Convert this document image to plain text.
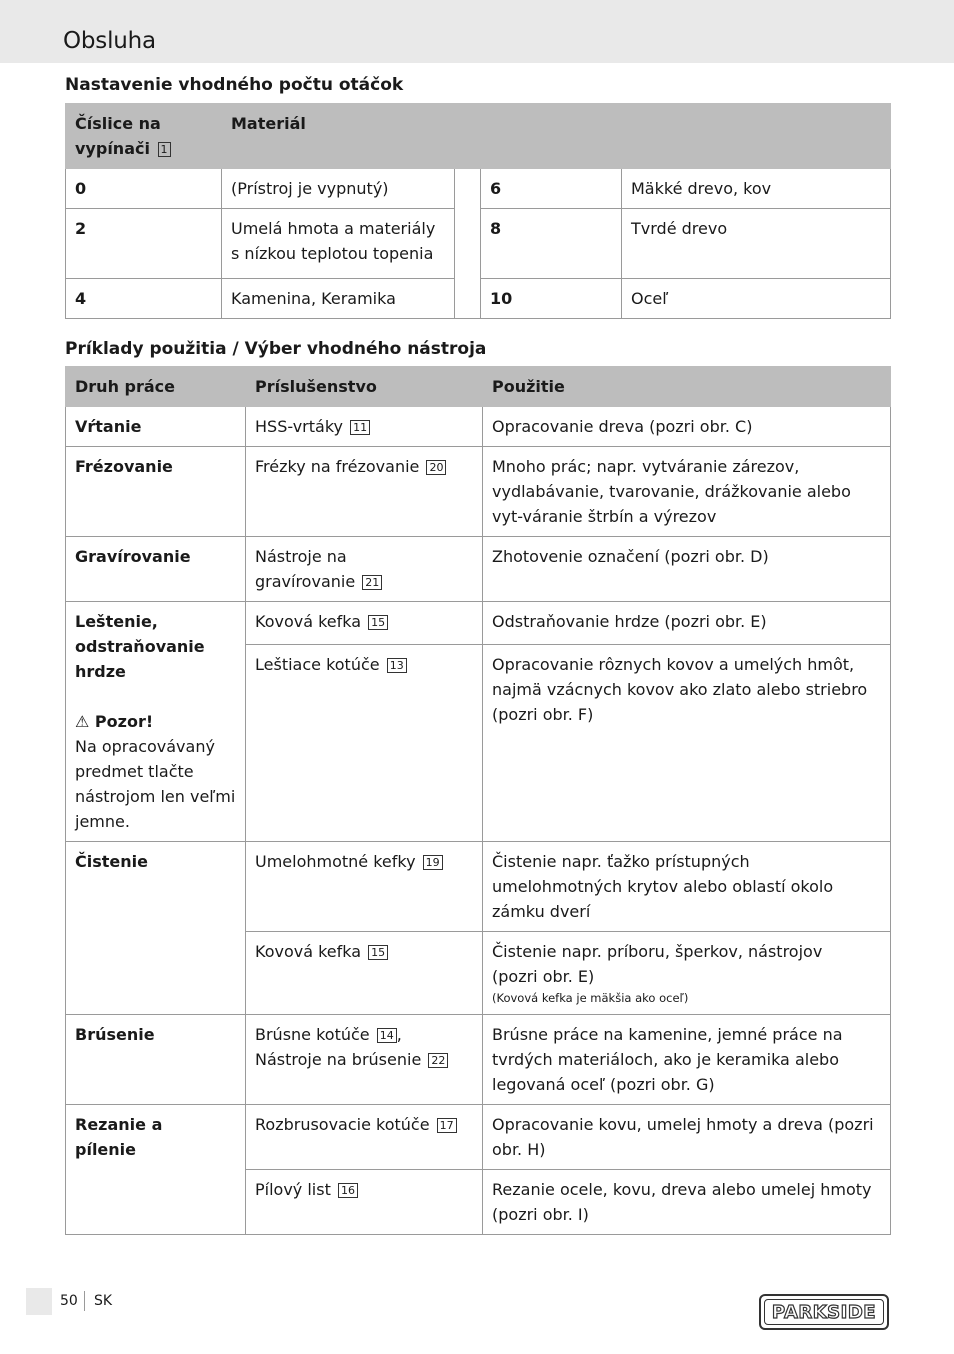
Obsluha
Nastavenie vhodného počtu otáčok
Číslice na
vypínači 1	Materiál			
0	(Prístroj je vypnutý)		6	Mäkké drevo, kov
2	Umelá hmota a materiály s nízkou teplotou topenia		8	Tvrdé drevo
4	Kamenina, Keramika		10	Oceľ
Príklady použitia / Výber vhodného nástroja
Druh práce	Príslušenstvo	Použitie
Vŕtanie	HSS-vrtáky 11	Opracovanie dreva (pozri obr. C)
Frézovanie	Frézky na frézovanie 20	Mnoho prác; napr. vytváranie zárezov, vydlabávanie, tvarovanie, drážkovanie alebo vyt-váranie štrbín a výrezov
Gravírovanie	Nástroje na
gravírovanie 21	Zhotovenie označení (pozri obr. D)
Leštenie,
odstraňovanie
hrdze
⚠ Pozor!
Na opracovávaný predmet tlačte nástrojom len veľmi jemne.	Kovová kefka 15	Odstraňovanie hrdze (pozri obr. E)
	Leštiace kotúče 13	Opracovanie rôznych kovov a umelých hmôt, najmä vzácnych kovov ako zlato alebo striebro (pozri obr. F)
Čistenie	Umelohmotné kefky 19	Čistenie napr. ťažko prístupných umelohmotných krytov alebo oblastí okolo zámku dverí
	Kovová kefka 15	Čistenie napr. príboru, šperkov, nástrojov
(pozri obr. E)
(Kovová kefka je mäkšia ako oceľ)

Brúsenie	Brúsne kotúče 14 ,
Nástroje na brúsenie 22	Brúsne práce na kamenine, jemné práce na tvrdých materiáloch, ako je keramika alebo legovaná oceľ (pozri obr. G)
Rezanie a
pílenie	Rozbrusovacie kotúče 17	Opracovanie kovu, umelej hmoty a dreva (pozri obr. H)
	Pílový list 16	Rezanie ocele, kovu, dreva alebo umelej hmoty (pozri obr. I)
50 SK
PARKSIDE
